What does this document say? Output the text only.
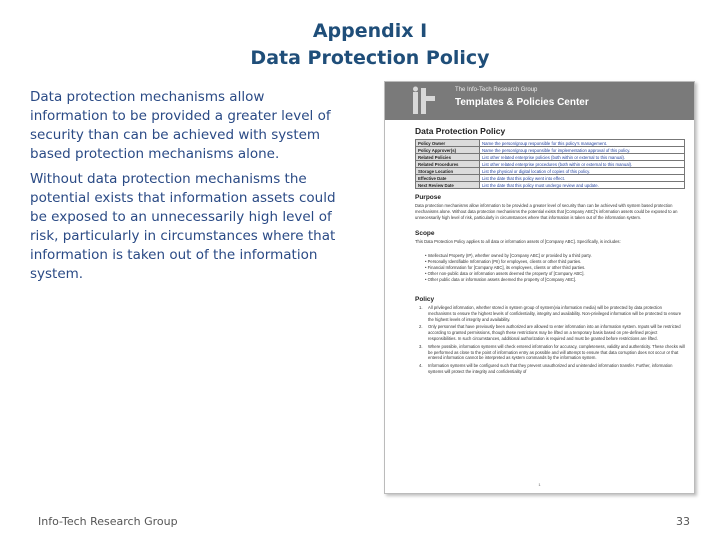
Appendix I
Data Protection Policy
Data protection mechanisms allow information to be provided a greater level of security than can be achieved with system based protection mechanisms alone.
Without data protection mechanisms the potential exists that information assets could be exposed to an unnecessarily high level of risk, particularly in circumstances where that information is taken out of the information system.
The Info-Tech Research Group
Templates & Policies Center
Data Protection Policy
Policy Owner	Name the person/group responsible for this policy's management.
Policy Approver(s)	Name the person/group responsible for implementation approval of this policy.
Related Policies	List other related enterprise policies (both within or external to this manual).
Related Procedures	List other related enterprise procedures (both within or external to this manual).
Storage Location	List the physical or digital location of copies of this policy.
Effective Date	List the date that this policy went into effect.
Next Review Date	List the date that this policy must undergo review and update.
Purpose
Data protection mechanisms allow information to be provided a greater level of security than can be achieved with system based protection mechanisms alone. Without data protection mechanisms the potential exists that [Company ABC]'s information assets could be exposed to an unnecessarily high level of risk, particularly in circumstances where that information is taken out of the information system.
Scope
This Data Protection Policy applies to all data or information assets of [Company ABC]. Specifically, is includes:
• Intellectual Property (IP), whether owned by [Company ABC] or provided by a third party.
• Personally Identifiable Information (PII) for employees, clients or other third parties.
• Financial Information for [Company ABC], its employees, clients or other third parties.
• Other non-public data or information assets deemed the property of [Company ABC].
• Other public data or information assets deemed the property of [Company ABC].
Policy
1. All privileged information, whether stored in system group of system(via information media) will be protected by data protection mechanisms to ensure the highest levels of confidentiality, integrity and availability. Non-privileged information will be protected to ensure the highest levels of integrity and availability.
2. Only personnel that have previously been authorized are allowed to enter information into an information system. Inputs will be restricted according to granted permissions, though these restrictions may be lifted on a temporary basis based on pre-defined project responsibilities. In such circumstances, additional authorization is required and must be granted before restrictions are lifted.
3. Where possible, information systems will check entered information for accuracy, completeness, validity and authenticity. These checks will be performed as close to the point of information entry as possible and will attempt to ensure that data corruption does not occur or that entered information cannot be interpreted as system commands by the information system.
4. Information systems will be configured such that they prevent unauthorized and unintended information transfer. Further, information systems will protect the integrity and confidentiality of
1
Info-Tech Research Group	33
